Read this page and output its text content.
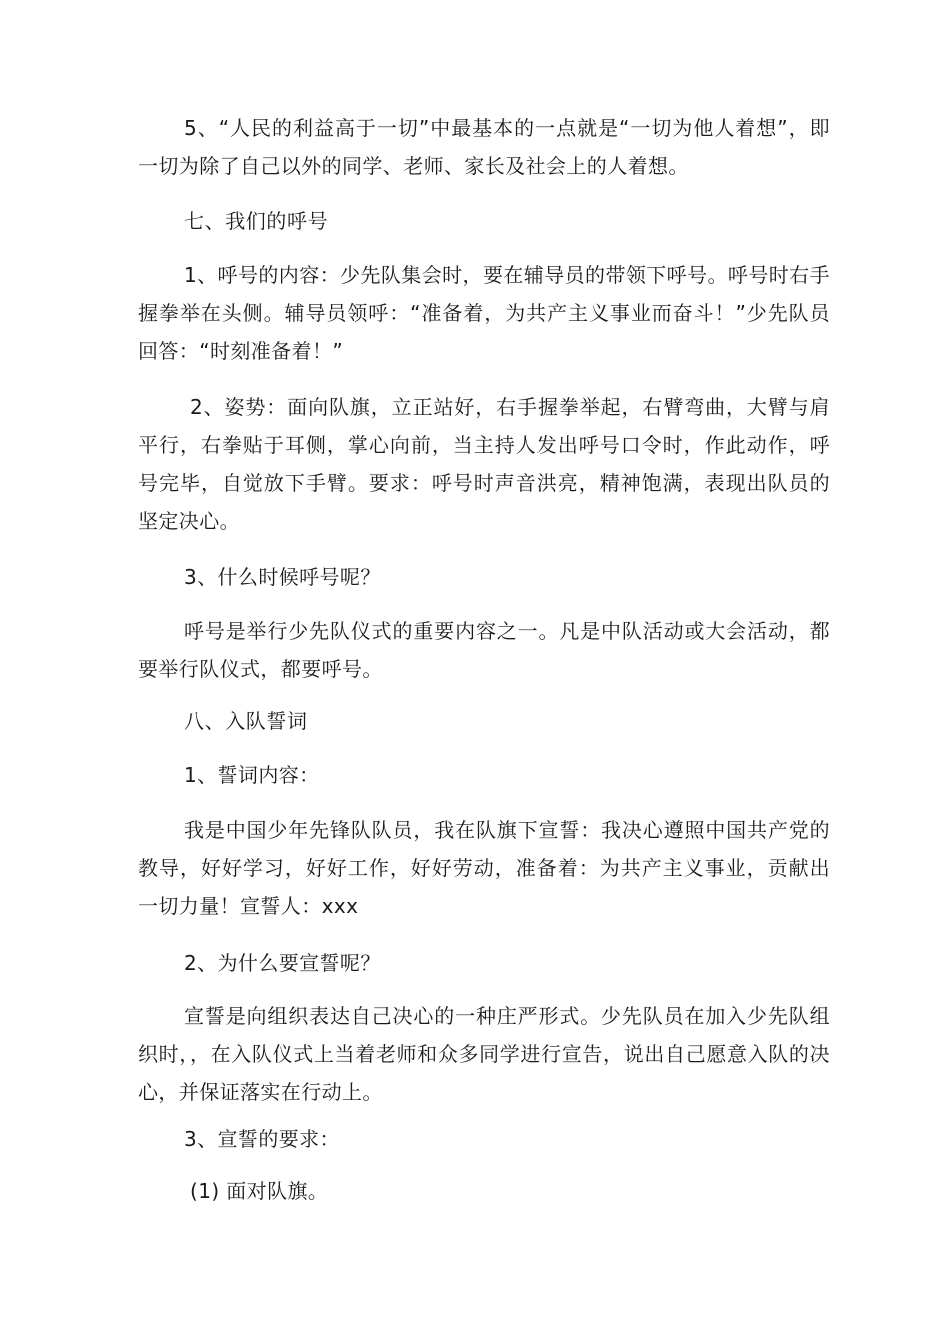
5、“人民的利益高于一切”中最基本的一点就是“一切为他人着想”，即一切为除了自己以外的同学、老师、家长及社会上的人着想。

七、我们的呼号

1、呼号的内容：少先队集会时，要在辅导员的带领下呼号。呼号时右手握拳举在头侧。辅导员领呼：“准备着，为共产主义事业而奋斗！”少先队员回答：“时刻准备着！”

2、姿势：面向队旗，立正站好，右手握拳举起，右臂弯曲，大臂与肩平行，右拳贴于耳侧，掌心向前，当主持人发出呼号口令时，作此动作，呼号完毕，自觉放下手臂。要求：呼号时声音洪亮，精神饱满，表现出队员的坚定决心。

3、什么时候呼号呢？

呼号是举行少先队仪式的重要内容之一。凡是中队活动或大会活动，都要举行队仪式，都要呼号。

八、入队誓词

1、誓词内容：

我是中国少年先锋队队员，我在队旗下宣誓：我决心遵照中国共产党的教导，好好学习，好好工作，好好劳动，准备着：为共产主义事业，贡献出一切力量！宣誓人：xxx

2、为什么要宣誓呢？

宣誓是向组织表达自己决心的一种庄严形式。少先队员在加入少先队组织时，，在入队仪式上当着老师和众多同学进行宣告，说出自己愿意入队的决心，并保证落实在行动上。

3、宣誓的要求：

(1) 面对队旗。
